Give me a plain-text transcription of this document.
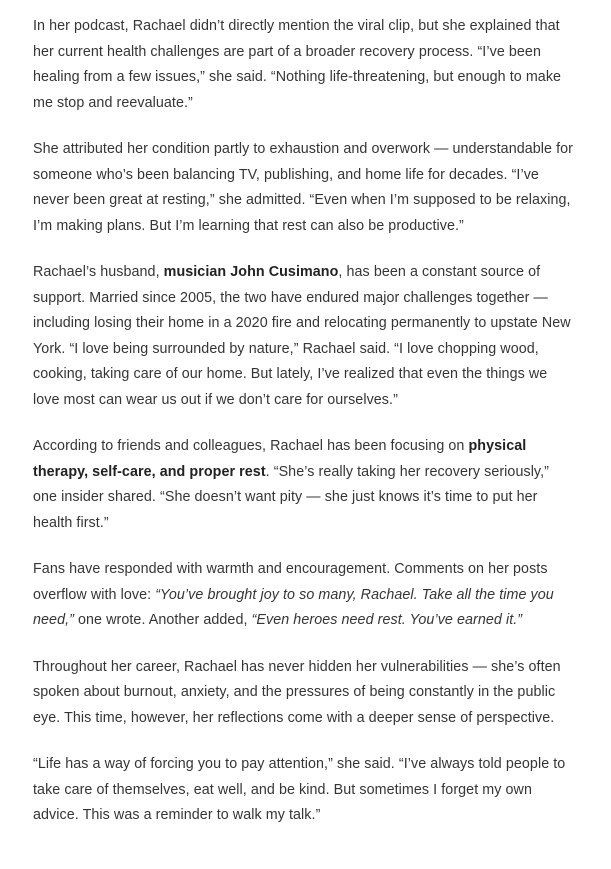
In her podcast, Rachael didn’t directly mention the viral clip, but she explained that her current health challenges are part of a broader recovery process. “I’ve been healing from a few issues,” she said. “Nothing life-threatening, but enough to make me stop and reevaluate.”

She attributed her condition partly to exhaustion and overwork — understandable for someone who’s been balancing TV, publishing, and home life for decades. “I’ve never been great at resting,” she admitted. “Even when I’m supposed to be relaxing, I’m making plans. But I’m learning that rest can also be productive.”

Rachael’s husband, musician John Cusimano, has been a constant source of support. Married since 2005, the two have endured major challenges together — including losing their home in a 2020 fire and relocating permanently to upstate New York. “I love being surrounded by nature,” Rachael said. “I love chopping wood, cooking, taking care of our home. But lately, I’ve realized that even the things we love most can wear us out if we don’t care for ourselves.”

According to friends and colleagues, Rachael has been focusing on physical therapy, self-care, and proper rest. “She’s really taking her recovery seriously,” one insider shared. “She doesn’t want pity — she just knows it’s time to put her health first.”

Fans have responded with warmth and encouragement. Comments on her posts overflow with love: “You’ve brought joy to so many, Rachael. Take all the time you need,” one wrote. Another added, “Even heroes need rest. You’ve earned it.”

Throughout her career, Rachael has never hidden her vulnerabilities — she’s often spoken about burnout, anxiety, and the pressures of being constantly in the public eye. This time, however, her reflections come with a deeper sense of perspective.

“Life has a way of forcing you to pay attention,” she said. “I’ve always told people to take care of themselves, eat well, and be kind. But sometimes I forget my own advice. This was a reminder to walk my talk.”
